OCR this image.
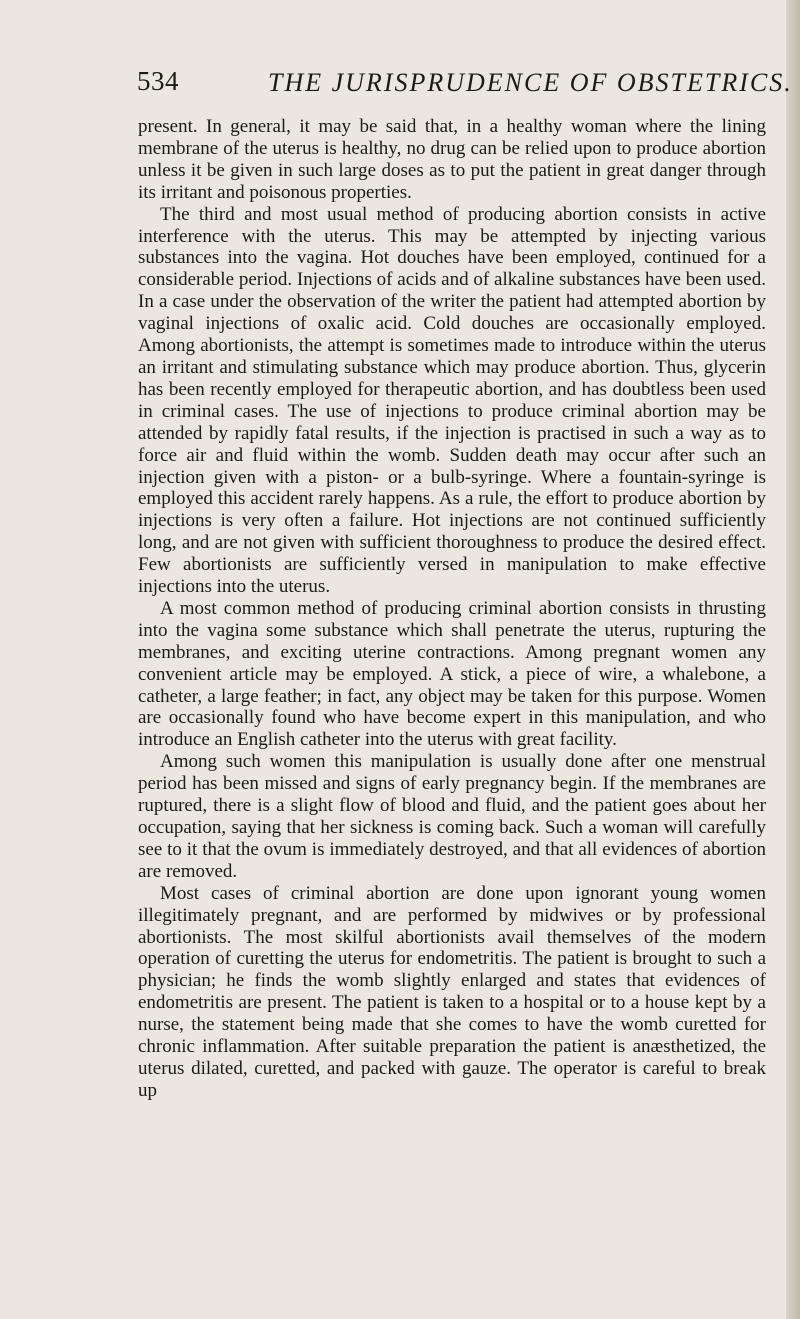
534	THE JURISPRUDENCE OF OBSTETRICS.

present. In general, it may be said that, in a healthy woman where the lining membrane of the uterus is healthy, no drug can be relied upon to produce abortion unless it be given in such large doses as to put the patient in great danger through its irritant and poisonous properties.

The third and most usual method of producing abortion consists in active interference with the uterus. This may be attempted by injecting various substances into the vagina. Hot douches have been employed, continued for a considerable period. Injections of acids and of alkaline substances have been used. In a case under the observation of the writer the patient had attempted abortion by vaginal injections of oxalic acid. Cold douches are occasionally employed. Among abortionists, the attempt is sometimes made to introduce within the uterus an irritant and stimulating substance which may produce abortion. Thus, glycerin has been recently employed for therapeutic abortion, and has doubtless been used in criminal cases. The use of injections to produce criminal abortion may be attended by rapidly fatal results, if the injection is practised in such a way as to force air and fluid within the womb. Sudden death may occur after such an injection given with a piston- or a bulb-syringe. Where a fountain-syringe is employed this accident rarely happens. As a rule, the effort to produce abortion by injections is very often a failure. Hot injections are not continued sufficiently long, and are not given with sufficient thoroughness to produce the desired effect. Few abortionists are sufficiently versed in manipulation to make effective injections into the uterus.

A most common method of producing criminal abortion consists in thrusting into the vagina some substance which shall penetrate the uterus, rupturing the membranes, and exciting uterine contractions. Among pregnant women any convenient article may be employed. A stick, a piece of wire, a whalebone, a catheter, a large feather; in fact, any object may be taken for this purpose. Women are occasionally found who have become expert in this manipulation, and who introduce an English catheter into the uterus with great facility.

Among such women this manipulation is usually done after one menstrual period has been missed and signs of early pregnancy begin. If the membranes are ruptured, there is a slight flow of blood and fluid, and the patient goes about her occupation, saying that her sickness is coming back. Such a woman will carefully see to it that the ovum is immediately destroyed, and that all evidences of abortion are removed.

Most cases of criminal abortion are done upon ignorant young women illegitimately pregnant, and are performed by midwives or by professional abortionists. The most skilful abortionists avail themselves of the modern operation of curetting the uterus for endometritis. The patient is brought to such a physician; he finds the womb slightly enlarged and states that evidences of endometritis are present. The patient is taken to a hospital or to a house kept by a nurse, the statement being made that she comes to have the womb curetted for chronic inflammation. After suitable preparation the patient is anæsthetized, the uterus dilated, curetted, and packed with gauze. The operator is careful to break up
